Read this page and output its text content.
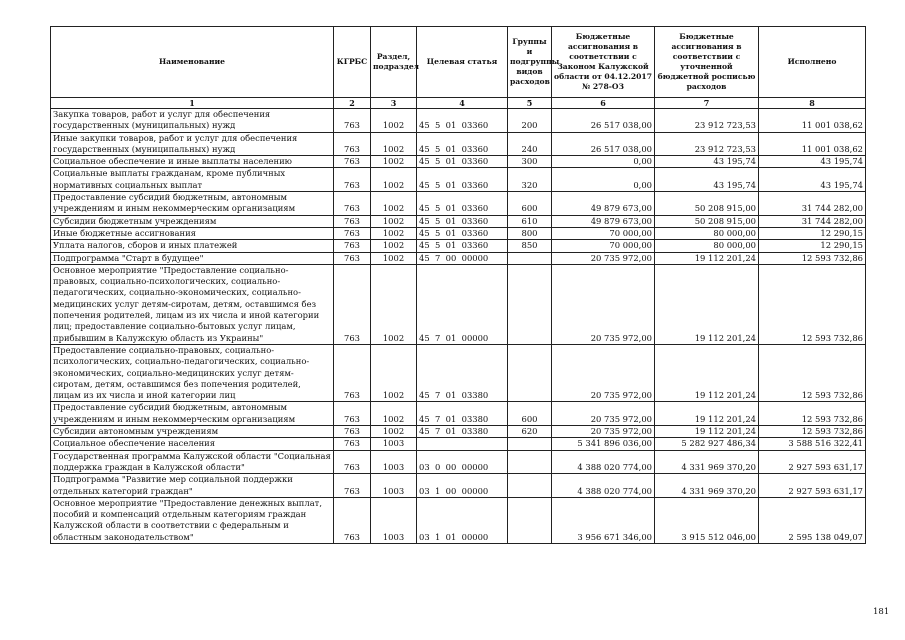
Наименование	КГРБС	Раздел, подраздел	Целевая статья	Группы и подгруппы видов расходов	Бюджетные ассигнования в соответствии с Законом Калужской области от 04.12.2017 № 278-ОЗ	Бюджетные ассигнования в соответствии с уточненной бюджетной росписью расходов	Исполнено
1	2	3	4	5	6	7	8
Закупка товаров, работ и услуг для обеспечения государственных (муниципальных) нужд	763	1002	45  5  01  03360	200	26 517 038,00	23 912 723,53	11 001 038,62
Иные закупки товаров, работ и услуг для обеспечения государственных (муниципальных) нужд	763	1002	45  5  01  03360	240	26 517 038,00	23 912 723,53	11 001 038,62
Социальное обеспечение и иные выплаты населению	763	1002	45  5  01  03360	300	0,00	43 195,74	43 195,74
Социальные выплаты гражданам, кроме публичных нормативных социальных выплат	763	1002	45  5  01  03360	320	0,00	43 195,74	43 195,74
Предоставление субсидий бюджетным, автономным учреждениям и иным некоммерческим организациям	763	1002	45  5  01  03360	600	49 879 673,00	50 208 915,00	31 744 282,00
Субсидии бюджетным учреждениям	763	1002	45  5  01  03360	610	49 879 673,00	50 208 915,00	31 744 282,00
Иные бюджетные ассигнования	763	1002	45  5  01  03360	800	70 000,00	80 000,00	12 290,15
Уплата налогов, сборов и иных платежей	763	1002	45  5  01  03360	850	70 000,00	80 000,00	12 290,15
Подпрограмма "Старт в будущее"	763	1002	45  7  00  00000		20 735 972,00	19 112 201,24	12 593 732,86
Основное мероприятие "Предоставление социально-правовых, социально-психологических, социально-педагогических, социально-экономических, социально-медицинских услуг детям-сиротам, детям, оставшимся без попечения родителей, лицам из их числа и иной категории лиц; предоставление социально-бытовых услуг лицам, прибывшим в Калужскую область из Украины"	763	1002	45  7  01  00000		20 735 972,00	19 112 201,24	12 593 732,86
Предоставление социально-правовых, социально-психологических, социально-педагогических, социально-экономических, социально-медицинских услуг детям-сиротам, детям, оставшимся без попечения родителей, лицам из их числа и иной категории лиц	763	1002	45  7  01  03380		20 735 972,00	19 112 201,24	12 593 732,86
Предоставление субсидий бюджетным, автономным учреждениям и иным некоммерческим организациям	763	1002	45  7  01  03380	600	20 735 972,00	19 112 201,24	12 593 732,86
Субсидии автономным учреждениям	763	1002	45  7  01  03380	620	20 735 972,00	19 112 201,24	12 593 732,86
Социальное обеспечение населения	763	1003			5 341 896 036,00	5 282 927 486,34	3 588 516 322,41
Государственная программа Калужской области "Социальная поддержка граждан в Калужской области"	763	1003	03  0  00  00000		4 388 020 774,00	4 331 969 370,20	2 927 593 631,17
Подпрограмма "Развитие мер социальной поддержки отдельных категорий граждан"	763	1003	03  1  00  00000		4 388 020 774,00	4 331 969 370,20	2 927 593 631,17
Основное мероприятие "Предоставление денежных выплат, пособий и компенсаций отдельным категориям граждан Калужской области в соответствии с федеральным и областным законодательством"	763	1003	03  1  01  00000		3 956 671 346,00	3 915 512 046,00	2 595 138 049,07
181
